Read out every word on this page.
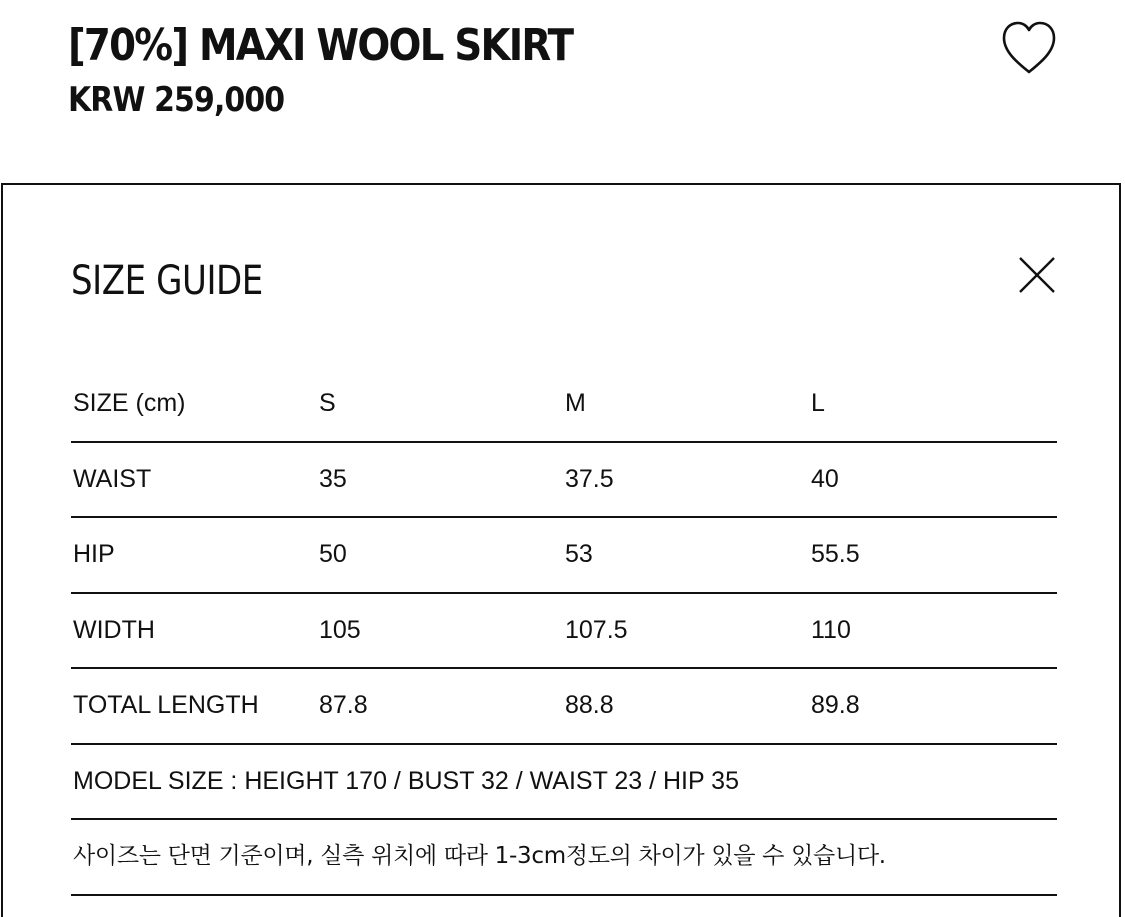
[70%] MAXI WOOL SKIRT
KRW 259,000
SIZE GUIDE
SIZE (cm)	S	M	L
WAIST	35	37.5	40
HIP	50	53	55.5
WIDTH	105	107.5	110
TOTAL LENGTH 87.8	88.8	89.8
MODEL SIZE : HEIGHT 170 / BUST 32 / WAIST 23 / HIP 35
사이즈는 단면 기준이며, 실측 위치에 따라 1-3cm정도의 차이가 있을 수 있습니다.
